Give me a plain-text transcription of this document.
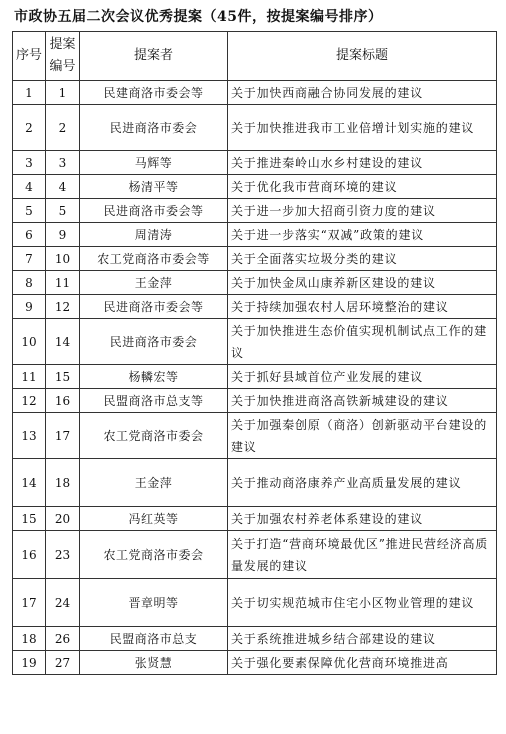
市政协五届二次会议优秀提案（45件，按提案编号排序）
序号	提案编号	提案者	提案标题
1	1	民建商洛市委会等	关于加快西商融合协同发展的建议
2	2	民进商洛市委会	关于加快推进我市工业倍增计划实施的建议
3	3	马辉等	关于推进秦岭山水乡村建设的建议
4	4	杨清平等	关于优化我市营商环境的建议
5	5	民进商洛市委会等	关于进一步加大招商引资力度的建议
6	9	周清涛	关于进一步落实“双减”政策的建议
7	10	农工党商洛市委会等	关于全面落实垃圾分类的建议
8	11	王金萍	关于加快金凤山康养新区建设的建议
9	12	民进商洛市委会等	关于持续加强农村人居环境整治的建议
10	14	民进商洛市委会	关于加快推进生态价值实现机制试点工作的建议
11	15	杨轔宏等	关于抓好县域首位产业发展的建议
12	16	民盟商洛市总支等	关于加快推进商洛高铁新城建设的建议
13	17	农工党商洛市委会	关于加强秦创原（商洛）创新驱动平台建设的建议
14	18	王金萍	关于推动商洛康养产业高质量发展的建议
15	20	冯红英等	关于加强农村养老体系建设的建议
16	23	农工党商洛市委会	关于打造“营商环境最优区”推进民营经济高质量发展的建议
17	24	晋章明等	关于切实规范城市住宅小区物业管理的建议
18	26	民盟商洛市总支	关于系统推进城乡结合部建设的建议
19	27	张贤慧	关于强化要素保障优化营商环境推进高
